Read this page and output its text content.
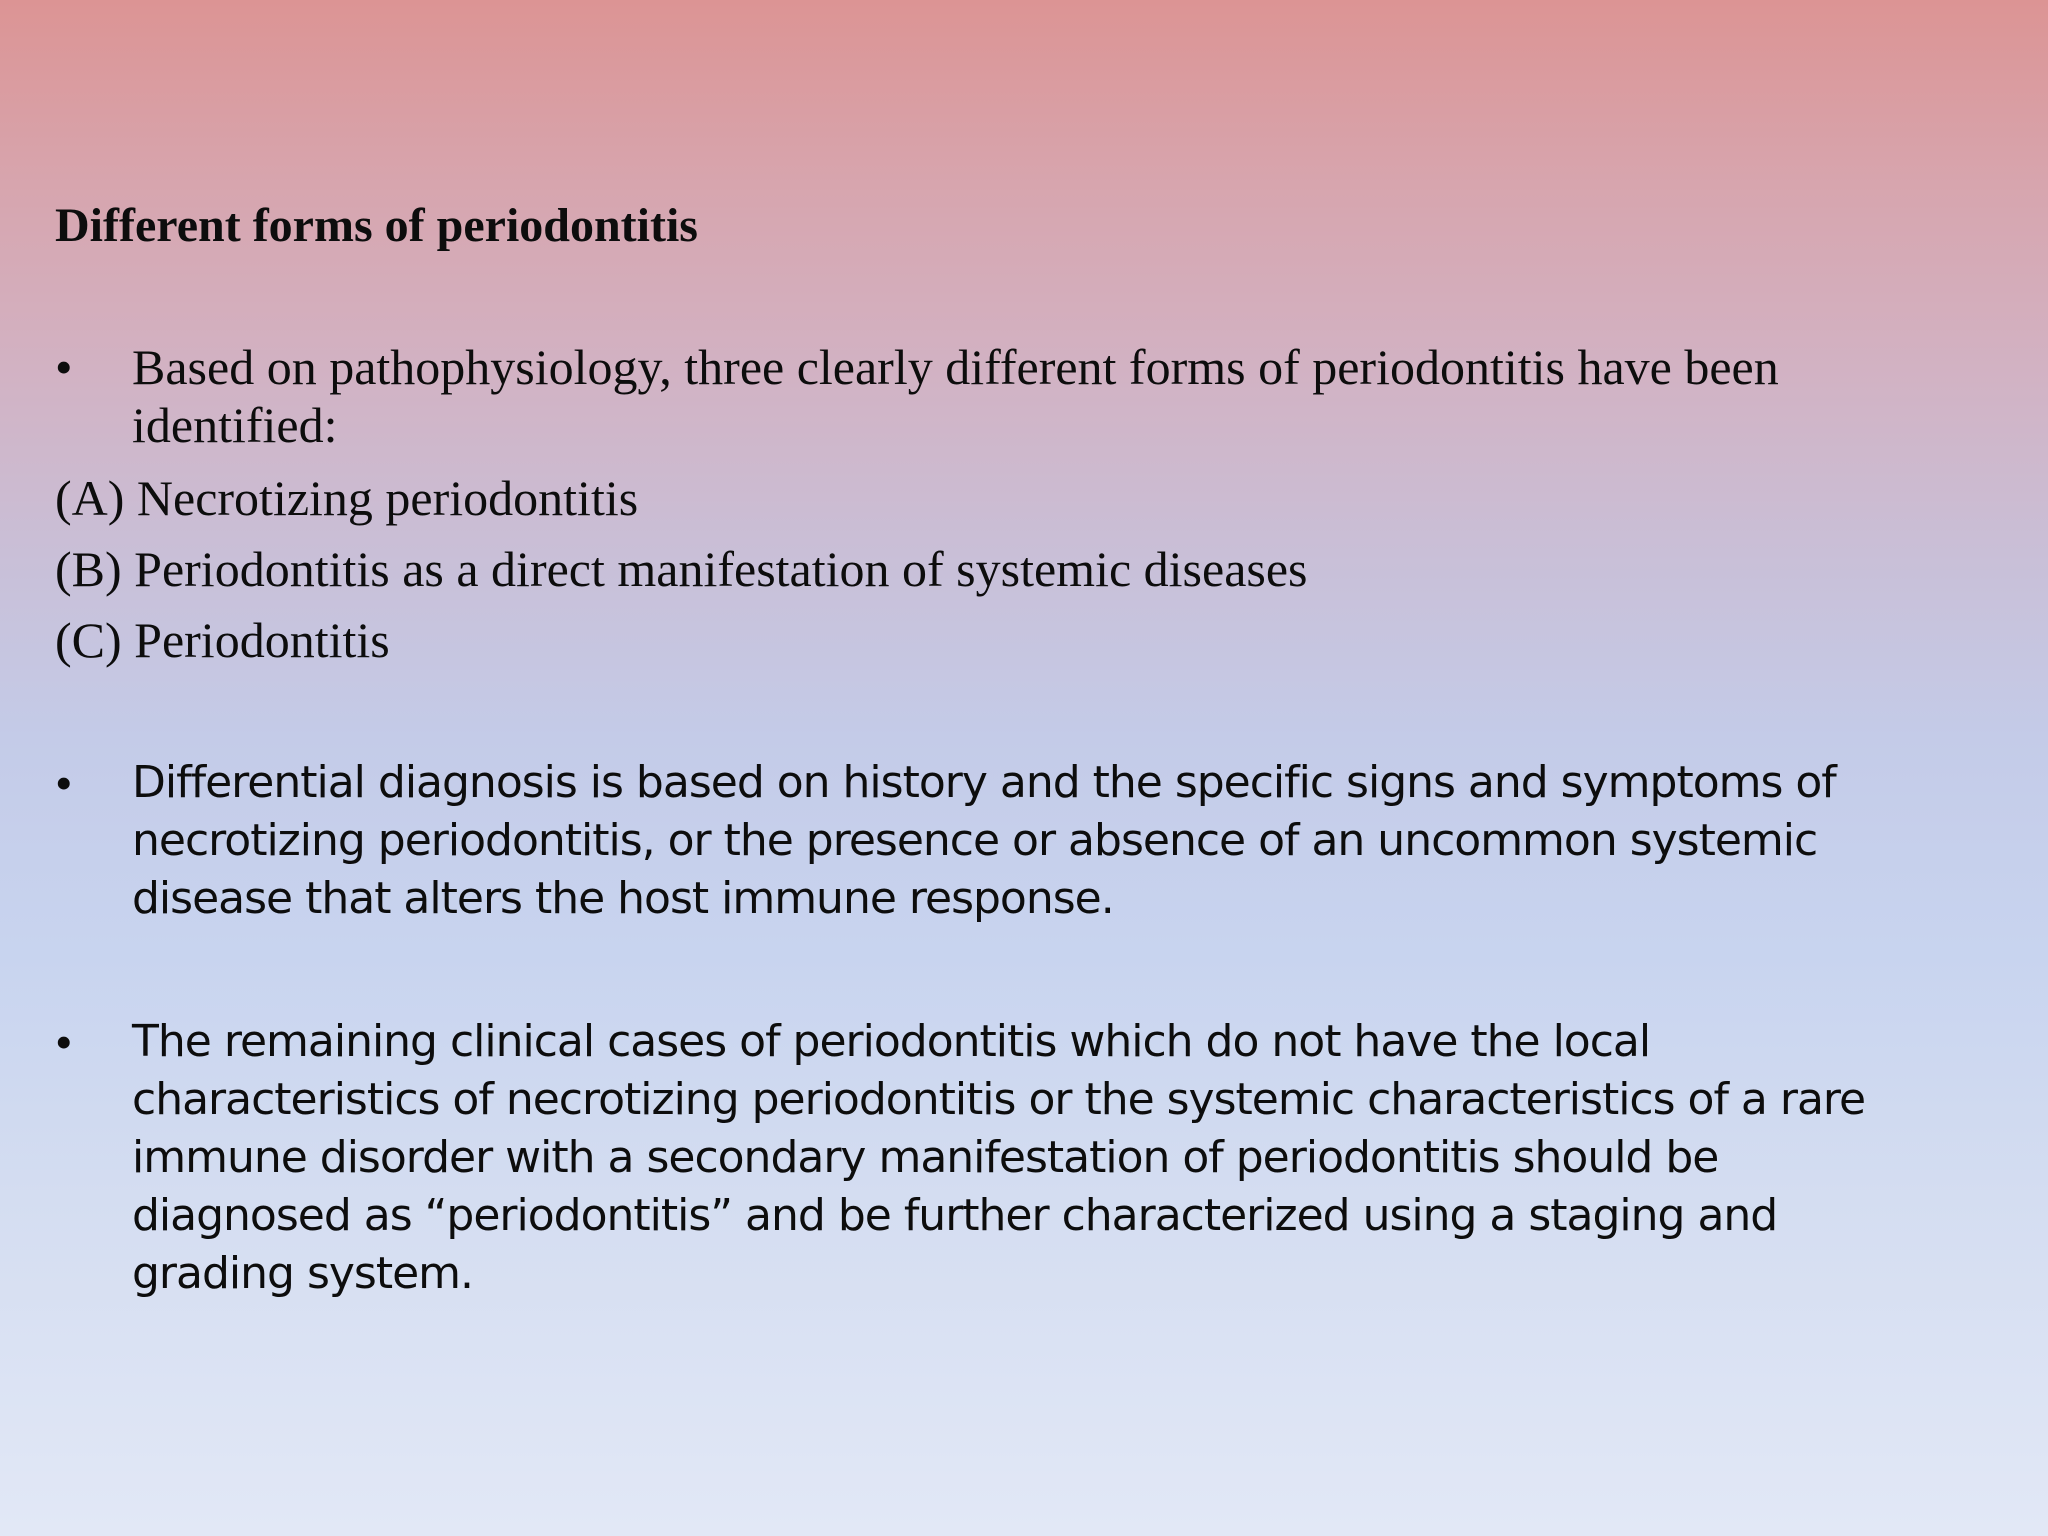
Different forms of periodontitis
•	Based on pathophysiology, three clearly different forms of periodontitis have been
identified:

(A) Necrotizing periodontitis

(B) Periodontitis as a direct manifestation of systemic diseases

(C) Periodontitis

•	Differential diagnosis is based on history and the specific signs and symptoms of
necrotizing periodontitis, or the presence or absence of an uncommon systemic
disease that alters the host immune response.
•	The remaining clinical cases of periodontitis which do not have the local
characteristics of necrotizing periodontitis or the systemic characteristics of a rare
immune disorder with a secondary manifestation of periodontitis should be
diagnosed as “periodontitis” and be further characterized using a staging and
grading system.
